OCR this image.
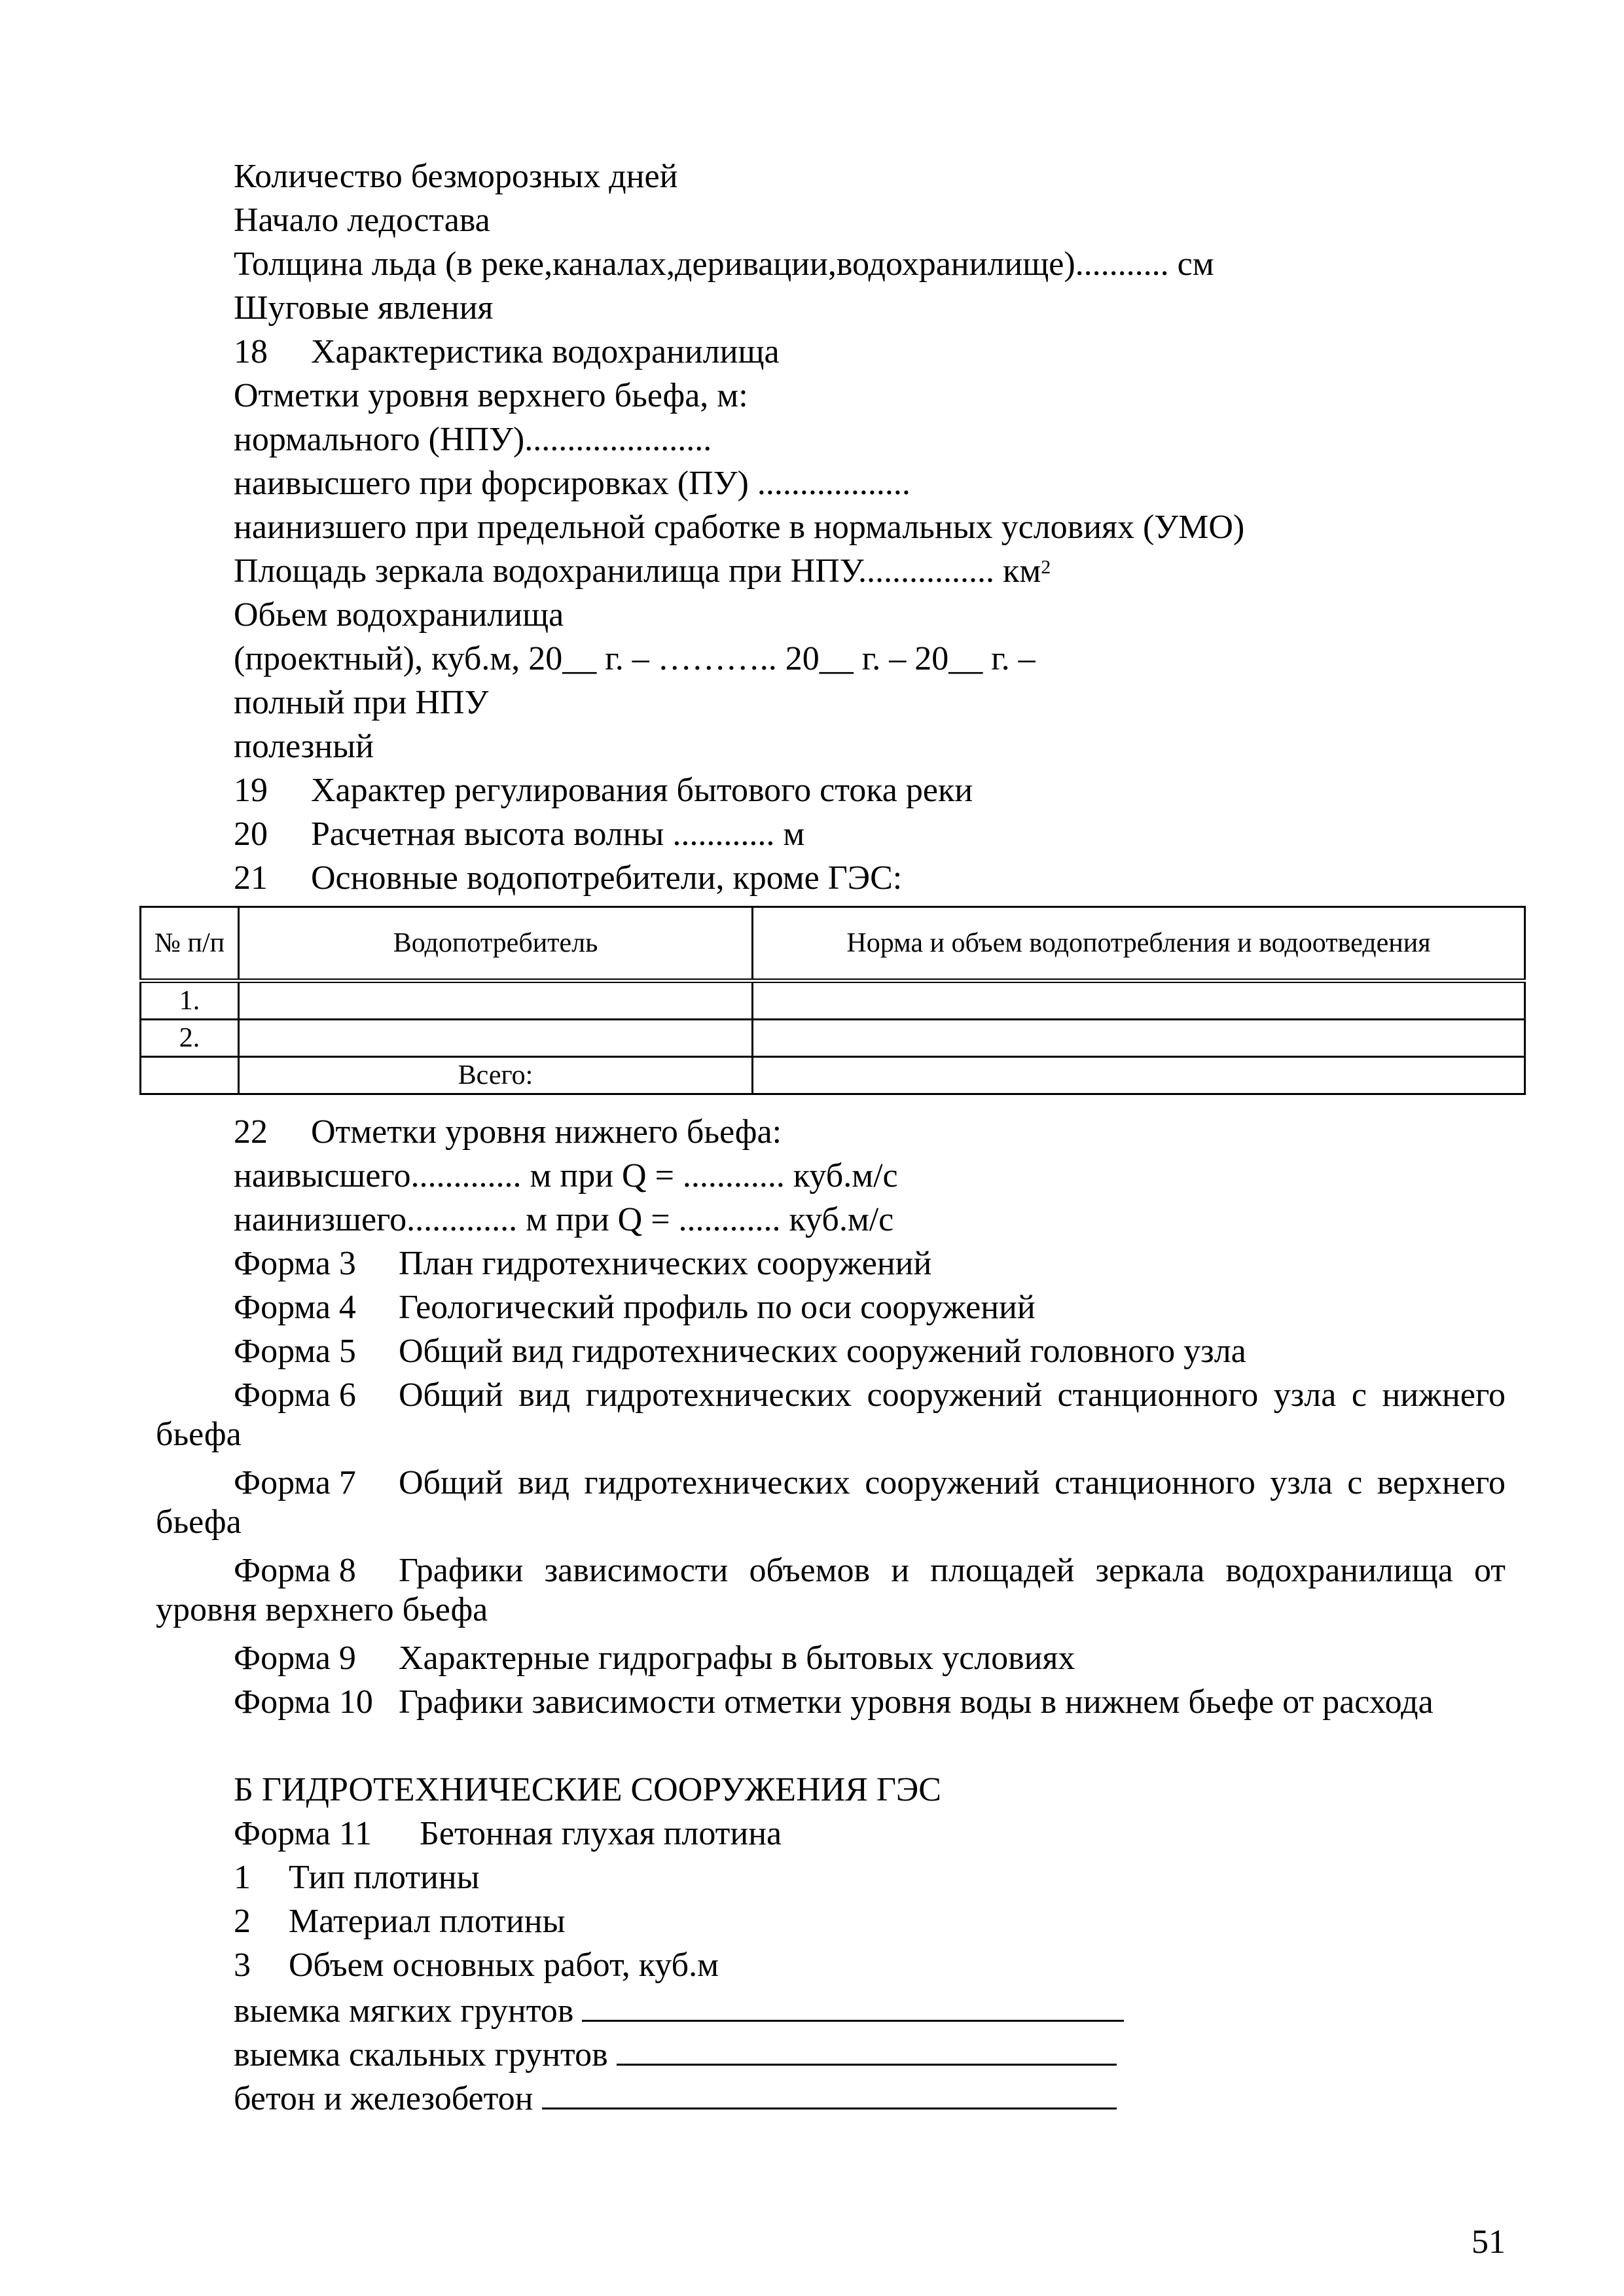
Количество безморозных дней
Начало ледостава
Толщина льда (в реке,каналах,деривации,водохранилище)........... см
Шуговые явления
18 Характеристика водохранилища
Отметки уровня верхнего бьефа, м:
нормального (НПУ)......................
наивысшего при форсировках (ПУ) ..................
наинизшего при предельной сработке в нормальных условиях (УМО)
Площадь зеркала водохранилища при НПУ................ $км^2$
Обьем водохранилища
(проектный), куб.м, 20__ г. – ……….. 20__ г. – 20__ г. –
полный при НПУ
полезный
19 Характер регулирования бытового стока реки
20 Расчетная высота волны ............ м
21 Основные водопотребители, кроме ГЭС:
№ п/п	Водопотребитель	Норма и объем водопотребления и водоотведения
1.		
2.		
	Всего:	
22 Отметки уровня нижнего бьефа:
наивысшего............. м при Q = ............ куб.м/с
наинизшего............. м при Q = ............ куб.м/с
Форма 3 План гидротехнических сооружений
Форма 4 Геологический профиль по оси сооружений
Форма 5 Общий вид гидротехнических сооружений головного узла
Форма 6 Общий вид гидротехнических сооружений станционного узла с нижнего бьефа
Форма 7 Общий вид гидротехнических сооружений станционного узла с верхнего бьефа
Форма 8 Графики зависимости объемов и площадей зеркала водохранилища от уровня верхнего бьефа
Форма 9 Характерные гидрографы в бытовых условиях
Форма 10 Графики зависимости отметки уровня воды в нижнем бьефе от расхода
Б ГИДРОТЕХНИЧЕСКИЕ СООРУЖЕНИЯ ГЭС
Форма 11 Бетонная глухая плотина
1 Тип плотины
2 Материал плотины
3 Объем основных работ, куб.м
выемка мягких грунтов
выемка скальных грунтов
бетон и железобетон
51
